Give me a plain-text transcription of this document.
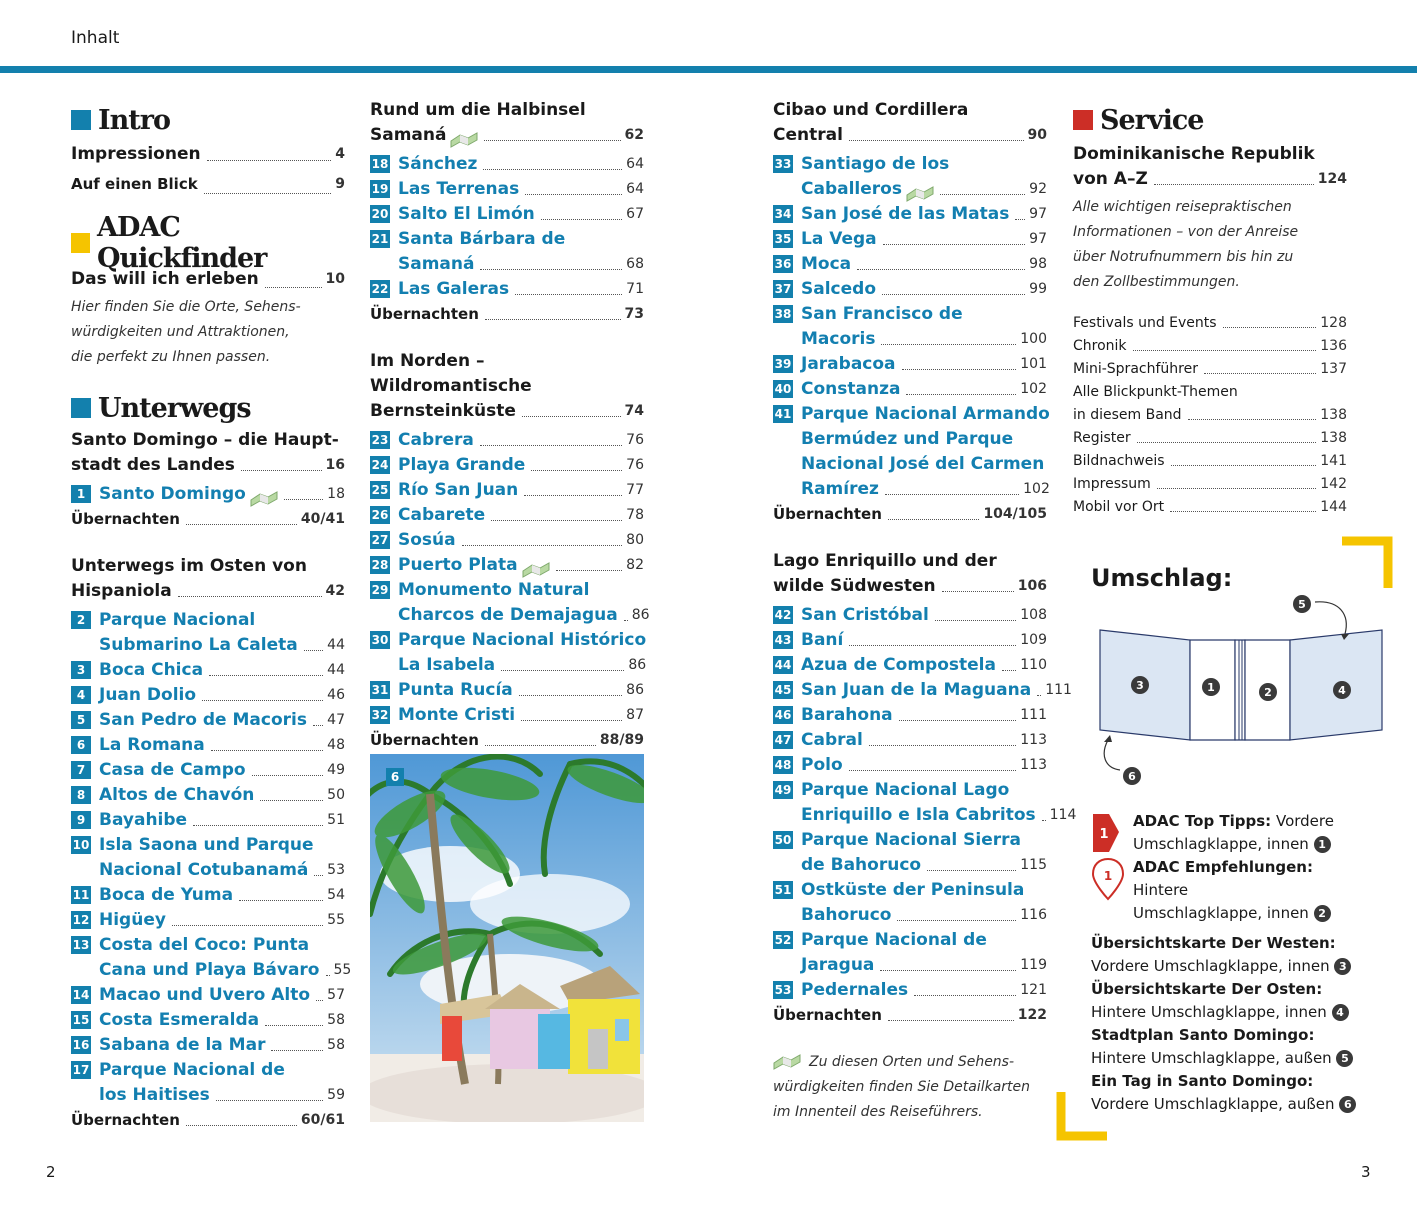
Inhalt
Intro
Impressionen	4
Auf einen Blick	9
ADAC Quickfinder
Das will ich erleben	10
Hier finden Sie die Orte, Sehens-
würdigkeiten und Attraktionen,
die perfekt zu Ihnen passen.
Unterwegs
Santo Domingo – die Haupt-
stadt des Landes	16
1 Santo Domingo	18
Übernachten	40/41
Unterwegs im Osten von
Hispaniola	42
2 Parque Nacional
Submarino La Caleta 44
3 Boca Chica	44
4 Juan Dolio	46
5 San Pedro de Macoris 47
6 La Romana	48
7 Casa de Campo	49
8 Altos de Chavón	50
9 Bayahibe	51
10 Isla Saona und Parque
Nacional Cotubanamá 53
11 Boca de Yuma	54
12 Higüey	55
13 Costa del Coco: Punta
Cana und Playa Bávaro 55
14 Macao und Uvero Alto 57
15 Costa Esmeralda	58
16 Sabana de la Mar	58
17 Parque Nacional de
los Haitises	59
Übernachten	60/61
Rund um die Halbinsel
Samaná	62
18 Sánchez	64
19 Las Terrenas	64
20 Salto El Limón	67
21 Santa Bárbara de
Samaná	68
22 Las Galeras	71
Übernachten	73
Im Norden – Wildromantische
Bernsteinküste	74
23 Cabrera	76
24 Playa Grande	76
25 Río San Juan	77
26 Cabarete	78
27 Sosúa	80
28 Puerto Plata	82
29 Monumento Natural
Charcos de Demajagua 86
30 Parque Nacional Histórico
La Isabela	86
31 Punta Rucía	86
32 Monte Cristi	87
Übernachten	88/89
6
Cibao und Cordillera
Central	90
33 Santiago de los
Caballeros	92
34 San José de las Matas 97
35 La Vega	97
36 Moca	98
37 Salcedo	99
38 San Francisco de
Macoris	100
39 Jarabacoa	101
40 Constanza	102
41 Parque Nacional Armando
Bermúdez und Parque
Nacional José del Carmen
Ramírez	102
Übernachten	104/105
Lago Enriquillo und der
wilde Südwesten	106
42 San Cristóbal	108
43 Baní	109
44 Azua de Compostela 110
45 San Juan de la Maguana 111
46 Barahona	111
47 Cabral	113
48 Polo	113
49 Parque Nacional Lago
Enriquillo e Isla Cabritos 114
50 Parque Nacional Sierra
de Bahoruco	115
51 Ostküste der Peninsula
Bahoruco	116
52 Parque Nacional de
Jaragua	119
53 Pedernales	121
Übernachten	122
Zu diesen Orten und Sehens-
würdigkeiten finden Sie Detailkarten
im Innenteil des Reiseführers.
Service
Dominikanische Republik
von A–Z	124
Alle wichtigen reisepraktischen
Informationen – von der Anreise
über Notrufnummern bis hin zu
den Zollbestimmungen.
Festivals und Events	128
Chronik	136
Mini-Sprachführer	137
Alle Blickpunkt-Themen
in diesem Band	138
Register	138
Bildnachweis	141
Impressum	142
Mobil vor Ort	144
Umschlag:
3	1	2	4
5
6
1
ADAC Top Tipps: Vordere
Umschlagklappe, innen 1
1 ADAC Empfehlungen: Hintere
Umschlagklappe, innen 2
Übersichtskarte Der Westen:
Vordere Umschlagklappe, innen 3
Übersichtskarte Der Osten:
Hintere Umschlagklappe, innen 4
Stadtplan Santo Domingo:
Hintere Umschlagklappe, außen 5
Ein Tag in Santo Domingo:
Vordere Umschlagklappe, außen 6
2	3
